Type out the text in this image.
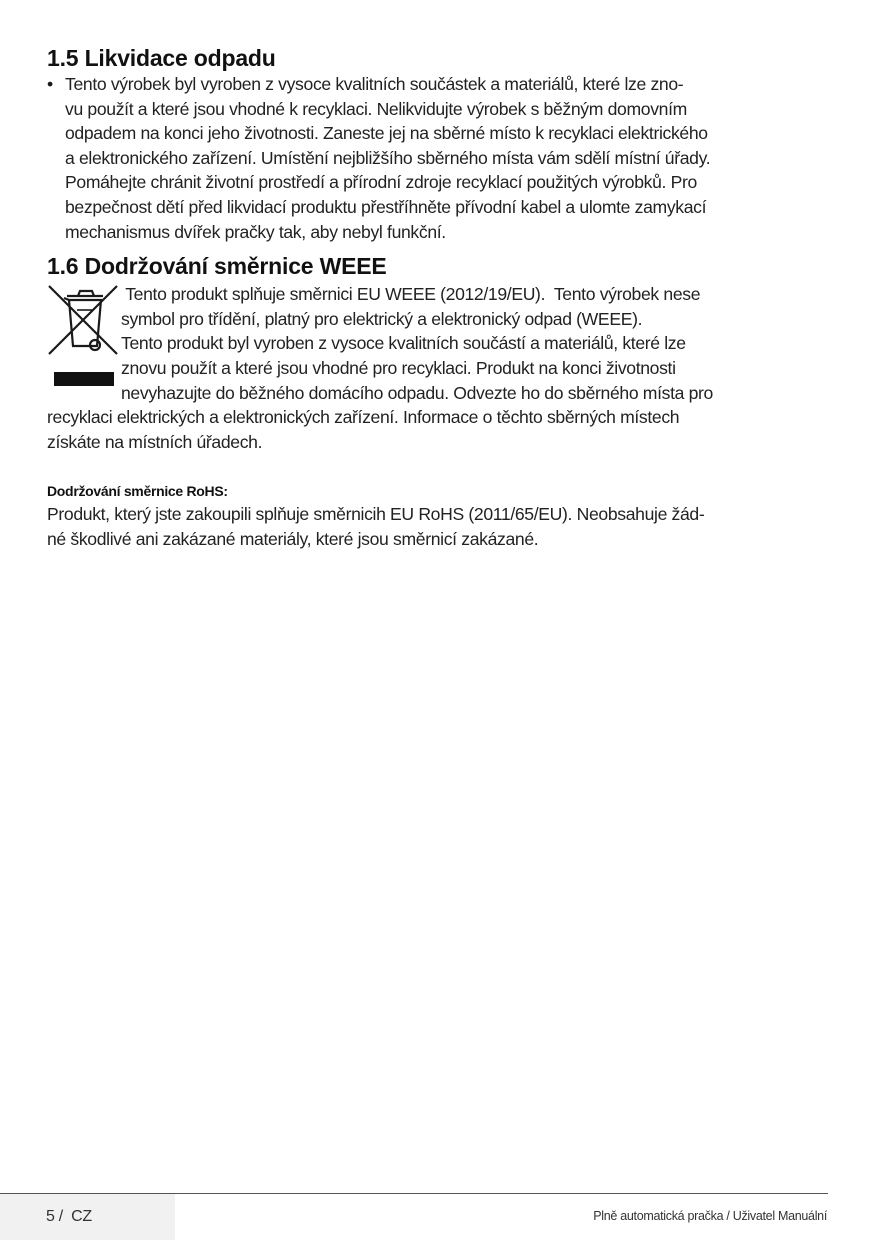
1.5 Likvidace odpadu
• Tento výrobek byl vyroben z vysoce kvalitních součástek a materiálů, které lze zno-
vu použít a které jsou vhodné k recyklaci. Nelikvidujte výrobek s běžným domovním
odpadem na konci jeho životnosti. Zaneste jej na sběrné místo k recyklaci elektrického
a elektronického zařízení. Umístění nejbližšího sběrného místa vám sdělí místní úřady.
Pomáhejte chránit životní prostředí a přírodní zdroje recyklací použitých výrobků. Pro
bezpečnost dětí před likvidací produktu přestříhněte přívodní kabel a ulomte zamykací
mechanismus dvířek pračky tak, aby nebyl funkční.
1.6 Dodržování směrnice WEEE
Tento produkt splňuje směrnici EU WEEE (2012/19/EU).  Tento výrobek nese
symbol pro třídění, platný pro elektrický a elektronický odpad (WEEE).
Tento produkt byl vyroben z vysoce kvalitních součástí a materiálů, které lze
znovu použít a které jsou vhodné pro recyklaci. Produkt na konci životnosti
nevyhazujte do běžného domácího odpadu. Odvezte ho do sběrného místa pro
recyklaci elektrických a elektronických zařízení. Informace o těchto sběrných místech
získáte na místních úřadech.
Dodržování směrnice RoHS:
Produkt, který jste zakoupili splňuje směrnicih EU RoHS (2011/65/EU). Neobsahuje žád-
né škodlivé ani zakázané materiály, které jsou směrnicí zakázané.
5 /  CZ	Plně automatická pračka / Uživatel Manuální
